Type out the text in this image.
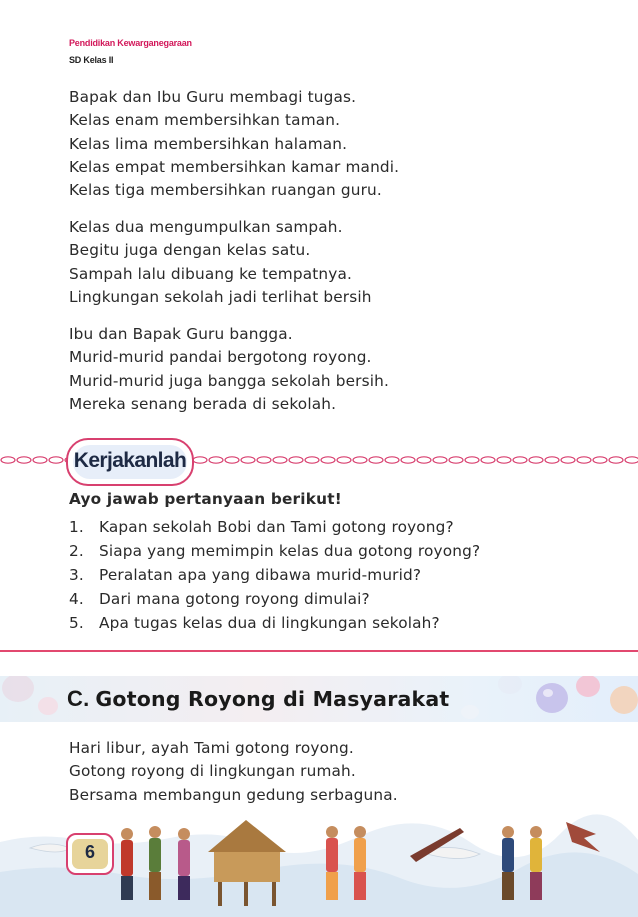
Pendidikan Kewarganegaraan
SD Kelas II
Bapak dan Ibu Guru membagi tugas.
Kelas enam membersihkan taman.
Kelas lima membersihkan halaman.
Kelas empat membersihkan kamar mandi.
Kelas tiga membersihkan ruangan guru.
Kelas dua mengumpulkan sampah.
Begitu juga dengan kelas satu.
Sampah lalu dibuang ke tempatnya.
Lingkungan sekolah jadi terlihat bersih
Ibu dan Bapak Guru bangga.
Murid-murid pandai bergotong royong.
Murid-murid juga bangga sekolah bersih.
Mereka senang berada di sekolah.
Kerjakanlah
Ayo jawab pertanyaan berikut!
1. Kapan sekolah Bobi dan Tami gotong royong?
2. Siapa yang memimpin kelas dua gotong royong?
3. Peralatan apa yang dibawa murid-murid?
4. Dari mana gotong royong dimulai?
5. Apa tugas kelas dua di lingkungan sekolah?
C. Gotong Royong di Masyarakat
Hari libur, ayah Tami gotong royong.
Gotong royong di lingkungan rumah.
Bersama membangun gedung serbaguna.
6
